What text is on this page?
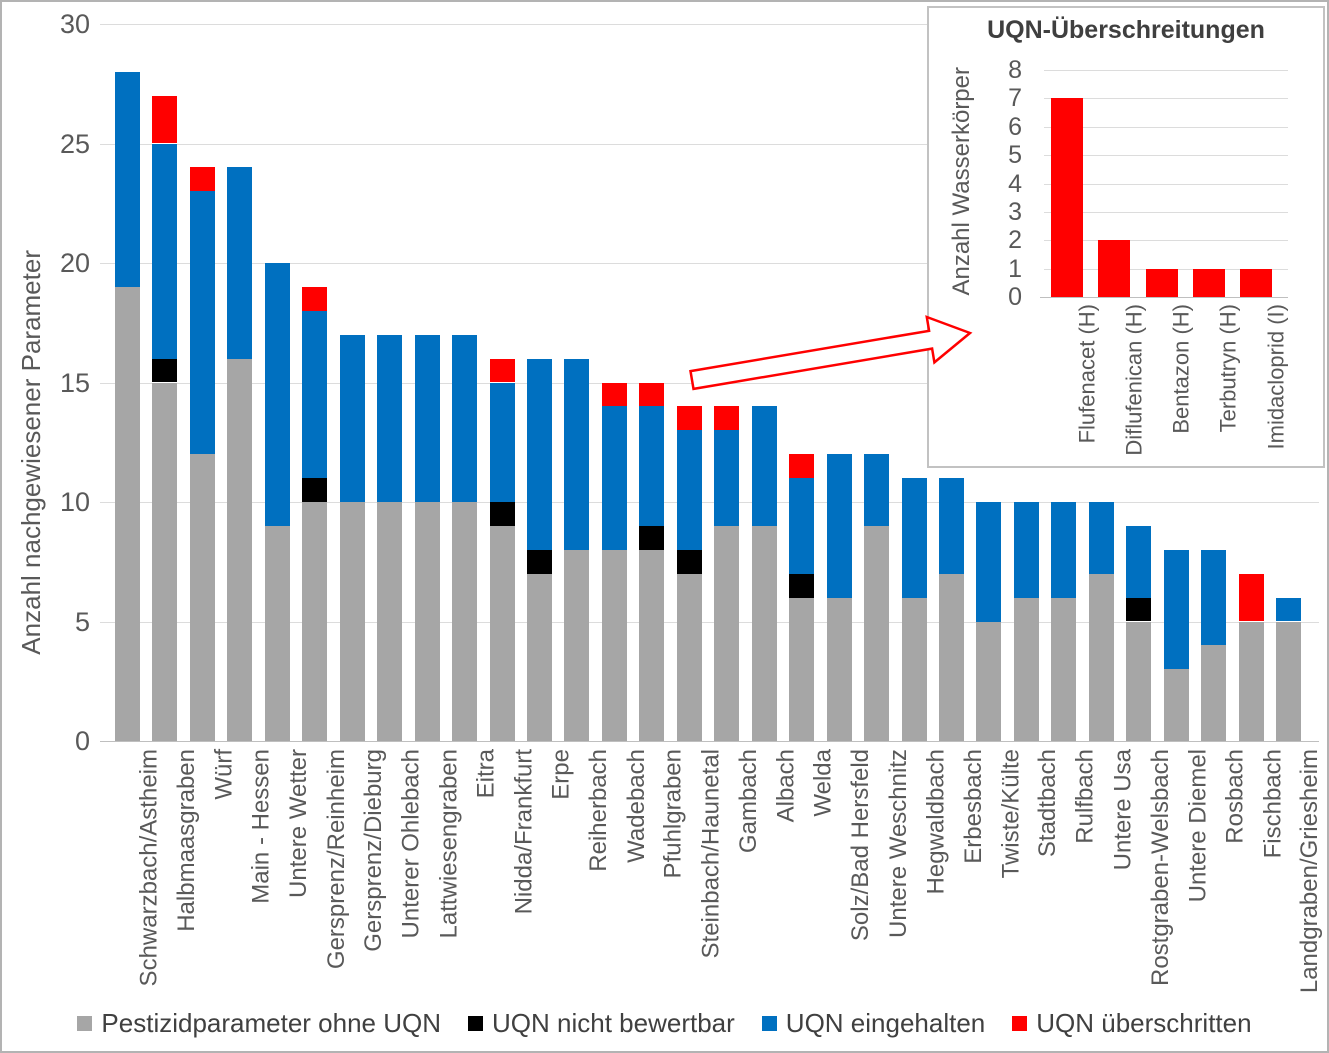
Anzahl nachgewiesener Parameter
0
5
10
15
20
25
30
Schwarzbach/Astheim Halbmaasgraben Würf Main - Hessen Untere Wetter Gersprenz/Reinheim Gersprenz/Dieburg Unterer Ohlebach Lattwiesengraben Eitra Nidda/Frankfurt Erpe Reiherbach Wadebach Pfuhlgraben Steinbach/Haunetal Gambach Albach Welda Solz/Bad Hersfeld Untere Weschnitz Hegwaldbach Erbesbach Twiste/Külte Stadtbach Rulfbach Untere Usa Rostgraben-Welsbach Untere Diemel Rosbach Fischbach Landgraben/Griesheim
UQN-Überschreitungen
Anzahl Wasserkörper
0
1
2
3
4
5
6
7
8
Flufenacet (H) Diflufenican (H) Bentazon (H) Terbutryn (H) Imidacloprid (I)
Pestizidparameter ohne UQN UQN nicht bewertbar UQN eingehalten UQN überschritten
